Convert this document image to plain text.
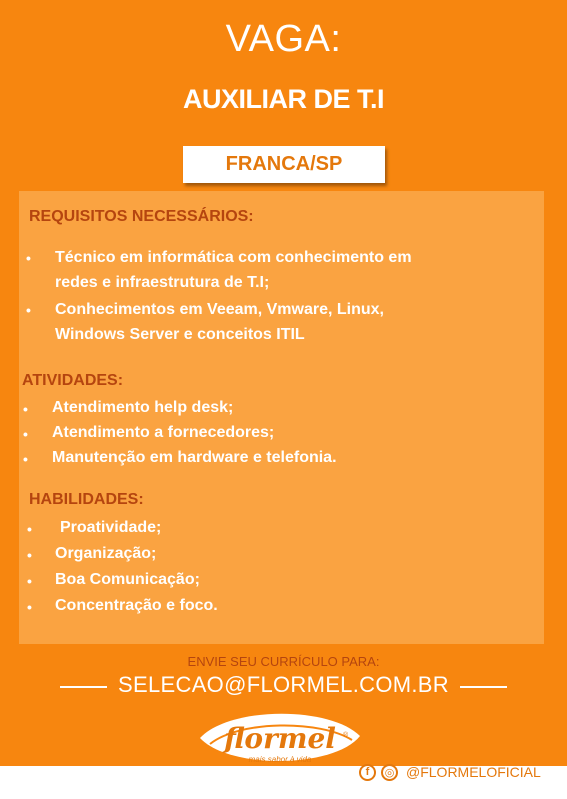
VAGA:
AUXILIAR DE T.I
FRANCA/SP
REQUISITOS NECESSÁRIOS:
• Técnico em informática com conhecimento em
redes e infraestrutura de T.I;
• Conhecimentos em Veeam, Vmware, Linux,
Windows Server e conceitos ITIL
ATIVIDADES:
• Atendimento help desk;
• Atendimento a fornecedores;
• Manutenção em hardware e telefonia.
HABILIDADES:
• Proatividade;
• Organização;
• Boa Comunicação;
• Concentração e foco.
ENVIE SEU CURRÍCULO PARA:
SELECAO@FLORMEL.COM.BR
flormel
mais sabor à vida
®
f	◎ @FLORMELOFICIAL
